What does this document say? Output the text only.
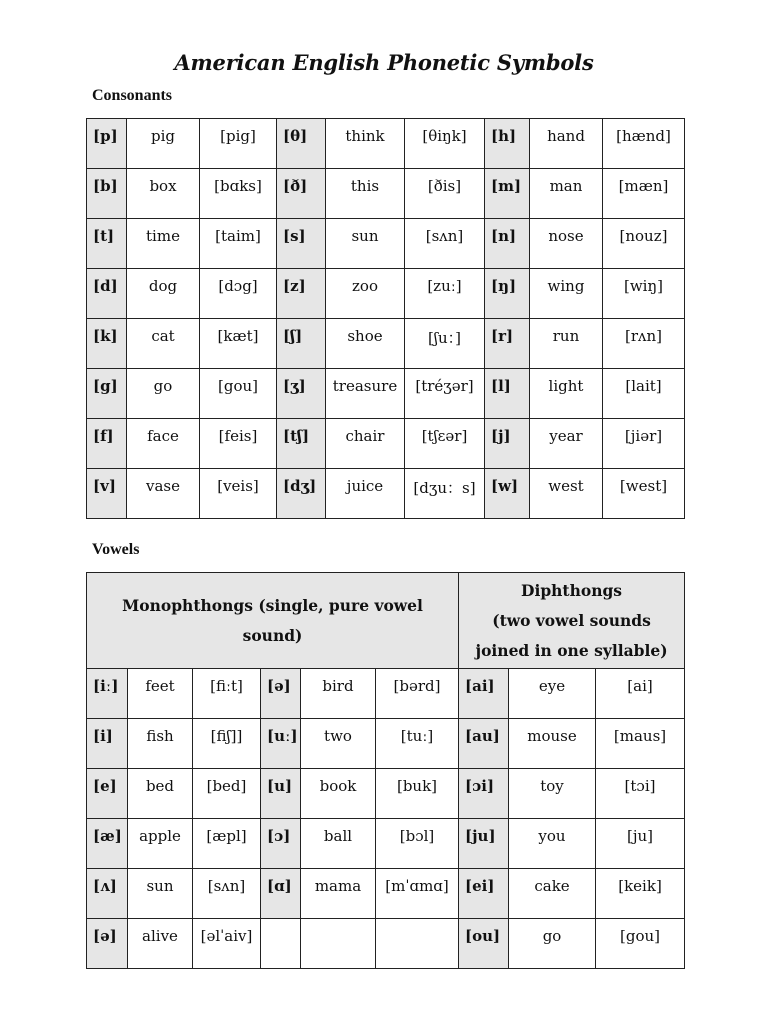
American English Phonetic Symbols
Consonants
[p]	pig	[pig]	[θ]	think	[θiŋk]	[h]	hand	[hænd]
[b]	box	[bɑks]	[ð]	this	[ðis]	[m]	man	[mæn]
[t]	time	[taim]	[s]	sun	[sʌn]	[n]	nose	[nouz]
[d]	dog	[dɔg]	[z]	zoo	[zuː]	[ŋ]	wing	[wiŋ]
[k]	cat	[kæt]	[ʃ]	shoe	[ʃu：]	[r]	run	[rʌn]
[g]	go	[gou]	[ʒ]	treasure	[tréʒər]	[l]	light	[lait]
[f]	face	[feis]	[tʃ]	chair	[tʃɛər]	[j]	year	[jiər]
[v]	vase	[veis]	[dʒ]	juice	[dʒu：s]	[w]	west	[west]
Vowels
Monophthongs (single, pure vowel sound)						Diphthongs
(two vowel sounds
joined in one syllable)		

[iː]	feet	[fiːt]	[ə]	bird	[bərd]	[ai]	eye	[ai]
[i]	fish	[fiʃ]]	[uː]	two	[tuː]	[au]	mouse	[maus]
[e]	bed	[bed]	[u]	book	[buk]	[ɔi]	toy	[tɔi]
[æ]	apple	[æpl]	[ɔ]	ball	[bɔl]	[ju]	you	[ju]
[ʌ]	sun	[sʌn]	[ɑ]	mama	[mˈɑmɑ]	[ei]	cake	[keik]
[ə]	alive	[əlˈaiv]				[ou]	go	[gou]
